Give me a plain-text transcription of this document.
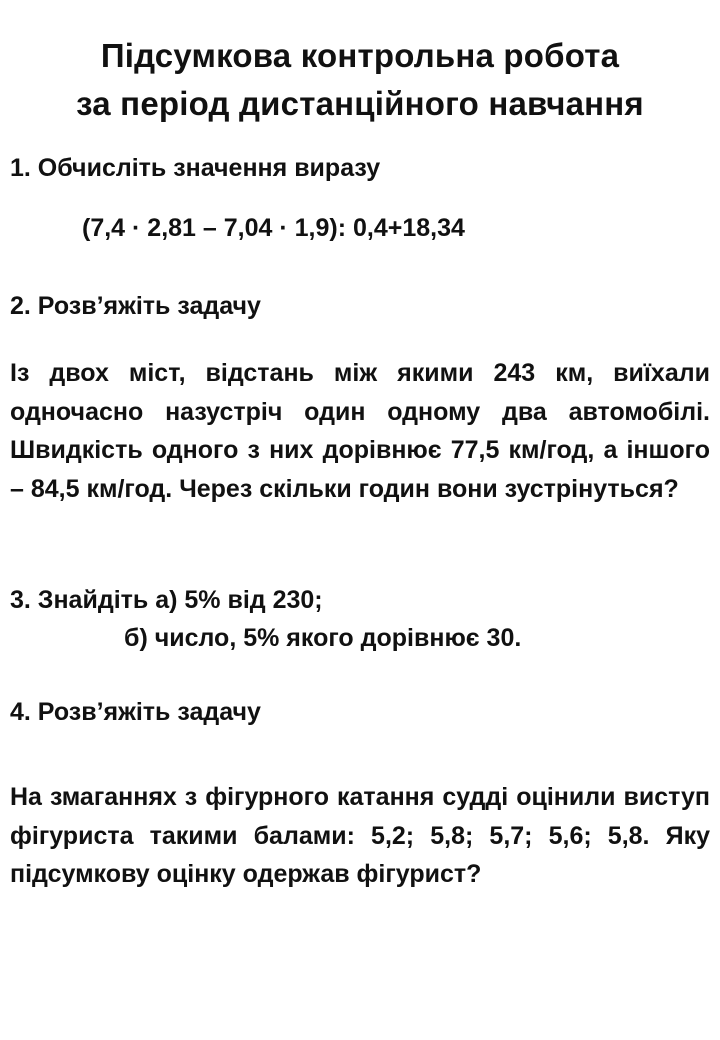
Підсумкова контрольна робота
за період дистанційного навчання
1. Обчисліть значення виразу
(7,4 · 2,81 – 7,04 · 1,9): 0,4+18,34
2. Розв’яжіть задачу
Із двох міст, відстань між якими 243 км, виїхали одночасно назустріч один одному два автомобілі. Швидкість одного з них дорівнює 77,5 км/год, а іншого – 84,5 км/год. Через скільки годин вони зустрінуться?
3. Знайдіть а) 5% від 230;
б) число, 5% якого дорівнює 30.
4. Розв’яжіть задачу
На змаганнях з фігурного катання судді оцінили виступ фігуриста такими балами: 5,2; 5,8; 5,7; 5,6; 5,8. Яку підсумкову оцінку одержав фігурист?
